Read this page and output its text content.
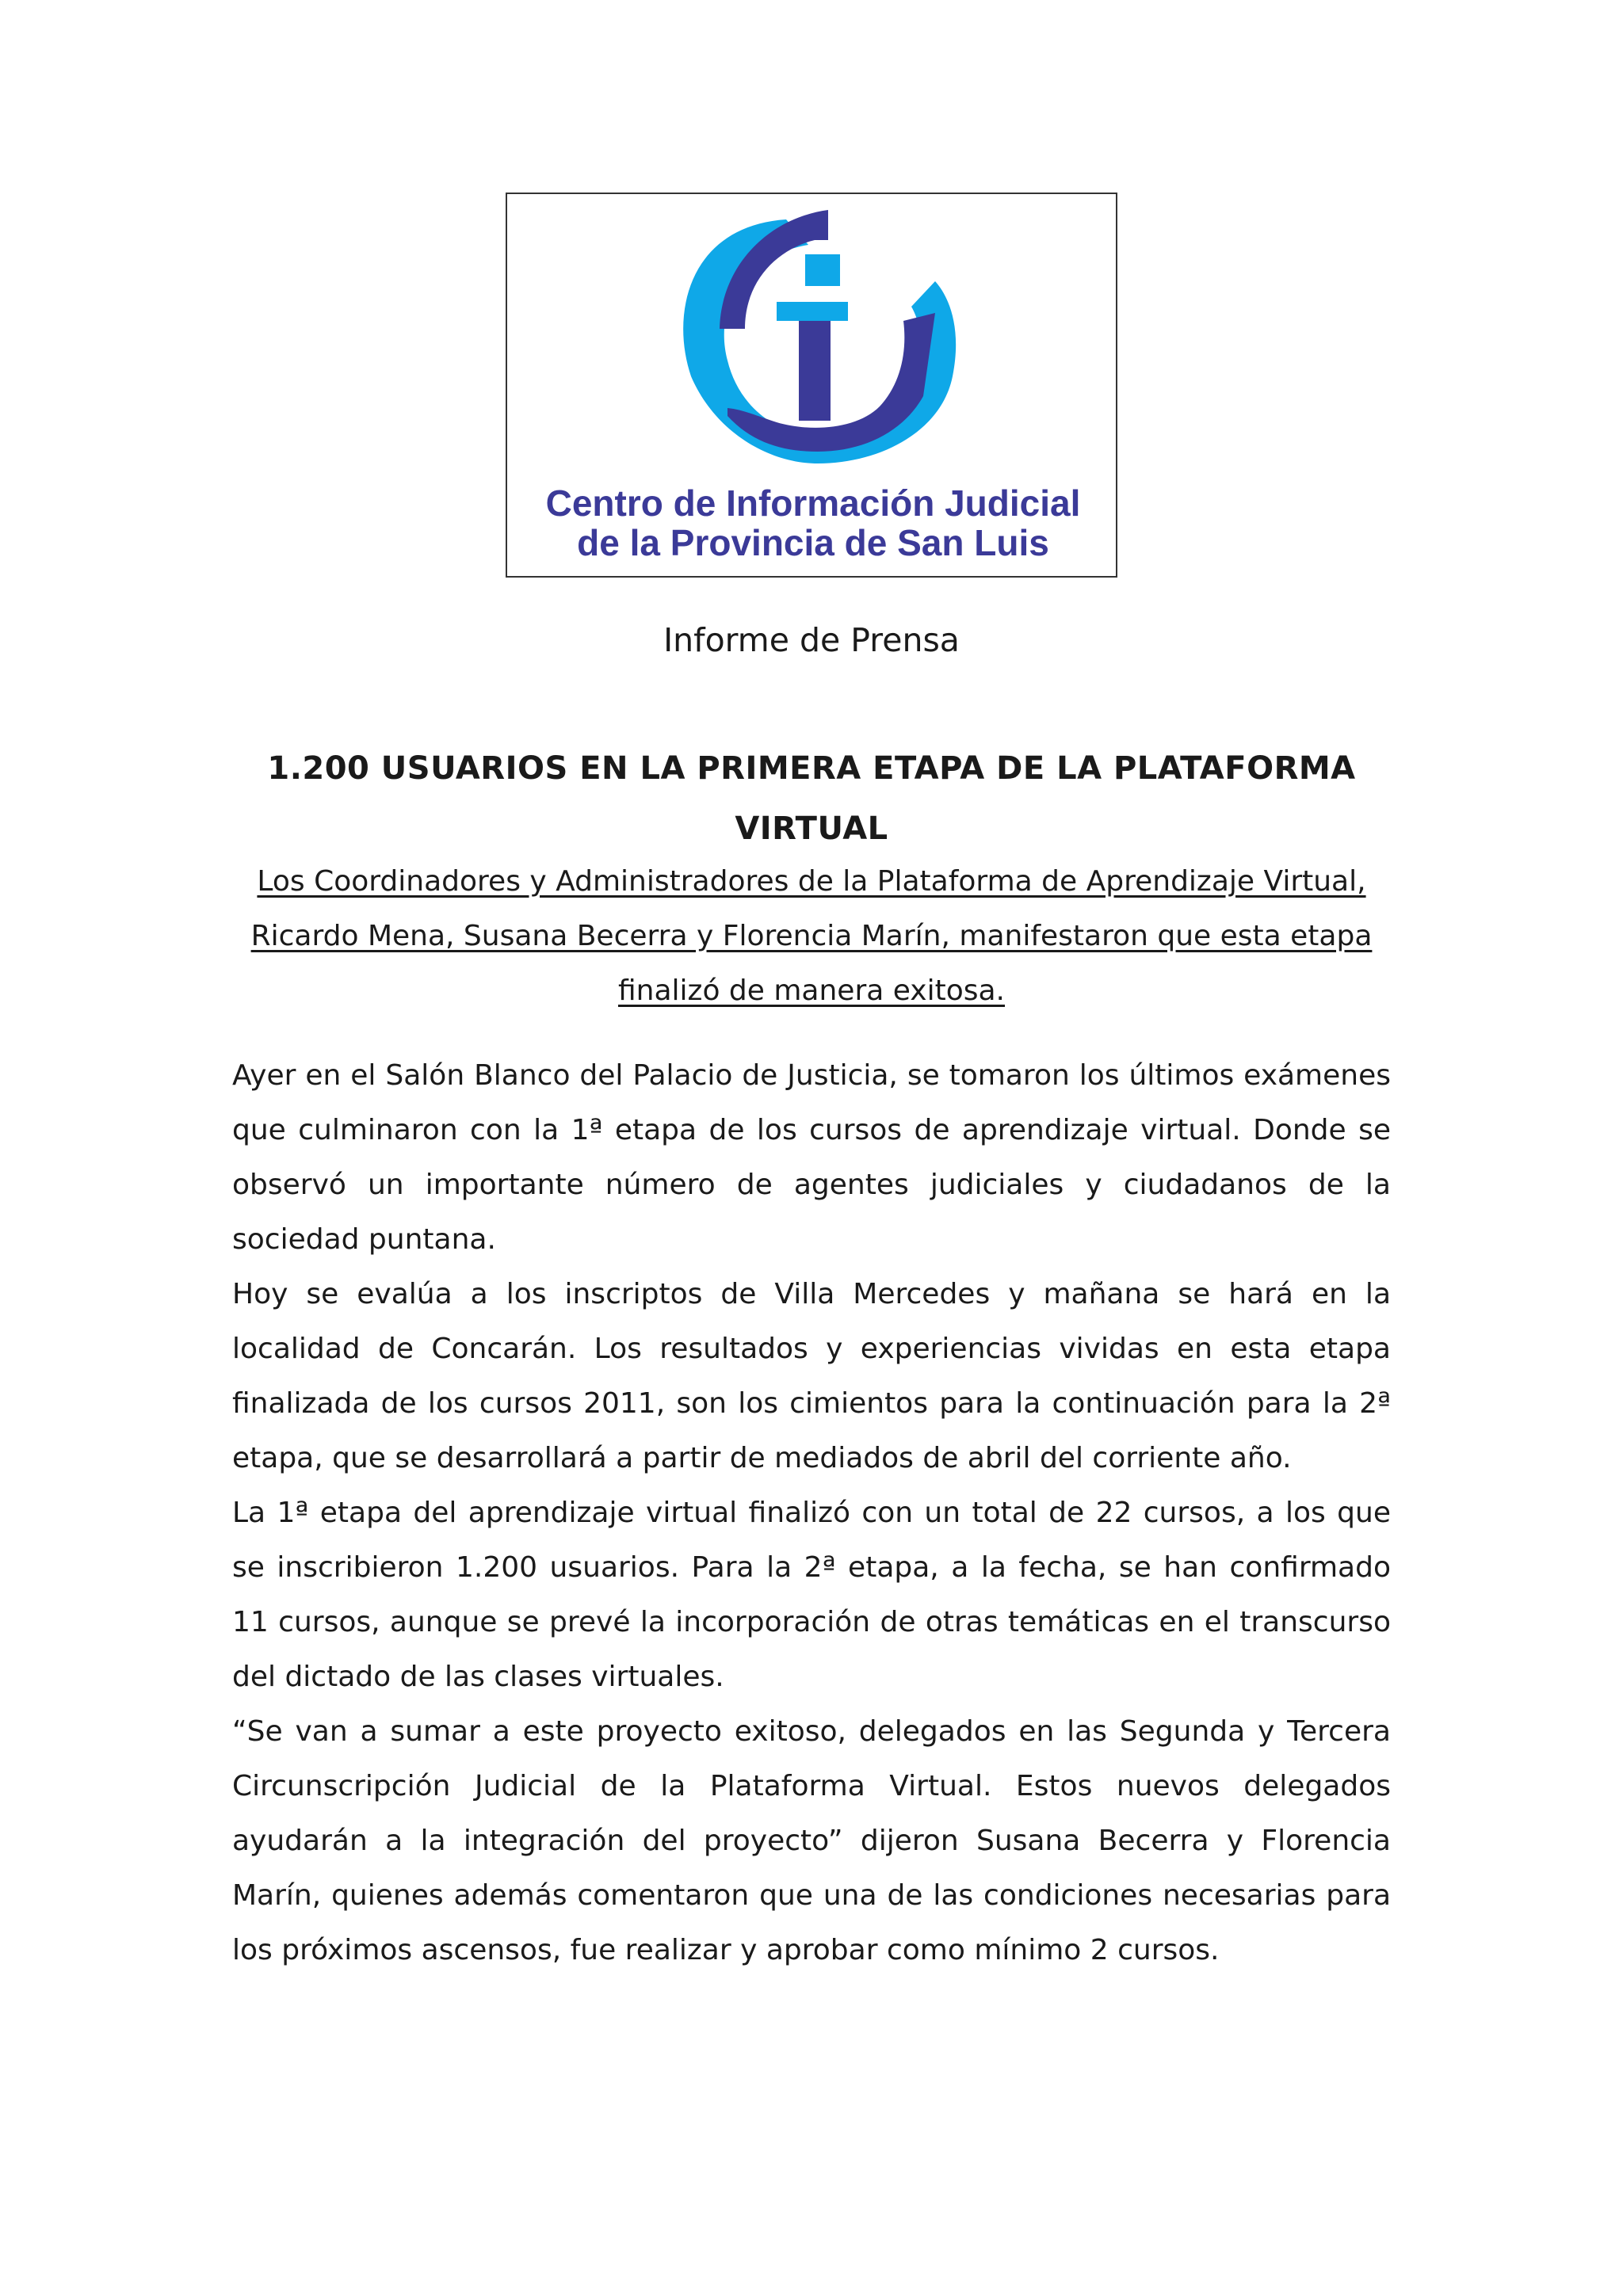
Centro de Información Judicial
de la Provincia de San Luis
Informe de Prensa
1.200 USUARIOS EN LA PRIMERA ETAPA DE LA PLATAFORMA VIRTUAL
Los Coordinadores y Administradores de la Plataforma de Aprendizaje Virtual, Ricardo Mena, Susana Becerra y Florencia Marín, manifestaron que esta etapa finalizó de manera exitosa.

Ayer en el Salón Blanco del Palacio de Justicia, se tomaron los últimos exámenes que culminaron con la 1ª etapa de los cursos de aprendizaje virtual. Donde se observó un importante número de agentes judiciales y ciudadanos de la sociedad puntana.

Hoy se evalúa a los inscriptos de Villa Mercedes y mañana se hará en la localidad de Concarán. Los resultados y experiencias vividas en esta etapa finalizada de los cursos 2011, son los cimientos para la continuación para la 2ª etapa, que se desarrollará a partir de mediados de abril del corriente año.

La 1ª etapa del aprendizaje virtual finalizó con un total de 22 cursos, a los que se inscribieron 1.200 usuarios. Para la 2ª etapa, a la fecha, se han confirmado 11 cursos, aunque se prevé la incorporación de otras temáticas en el transcurso del dictado de las clases virtuales.

“Se van a sumar a este proyecto exitoso, delegados en las Segunda y Tercera Circunscripción Judicial de la Plataforma Virtual. Estos nuevos delegados ayudarán a la integración del proyecto” dijeron Susana Becerra y Florencia Marín, quienes además comentaron que una de las condiciones necesarias para los próximos ascensos, fue realizar y aprobar como mínimo 2 cursos.
